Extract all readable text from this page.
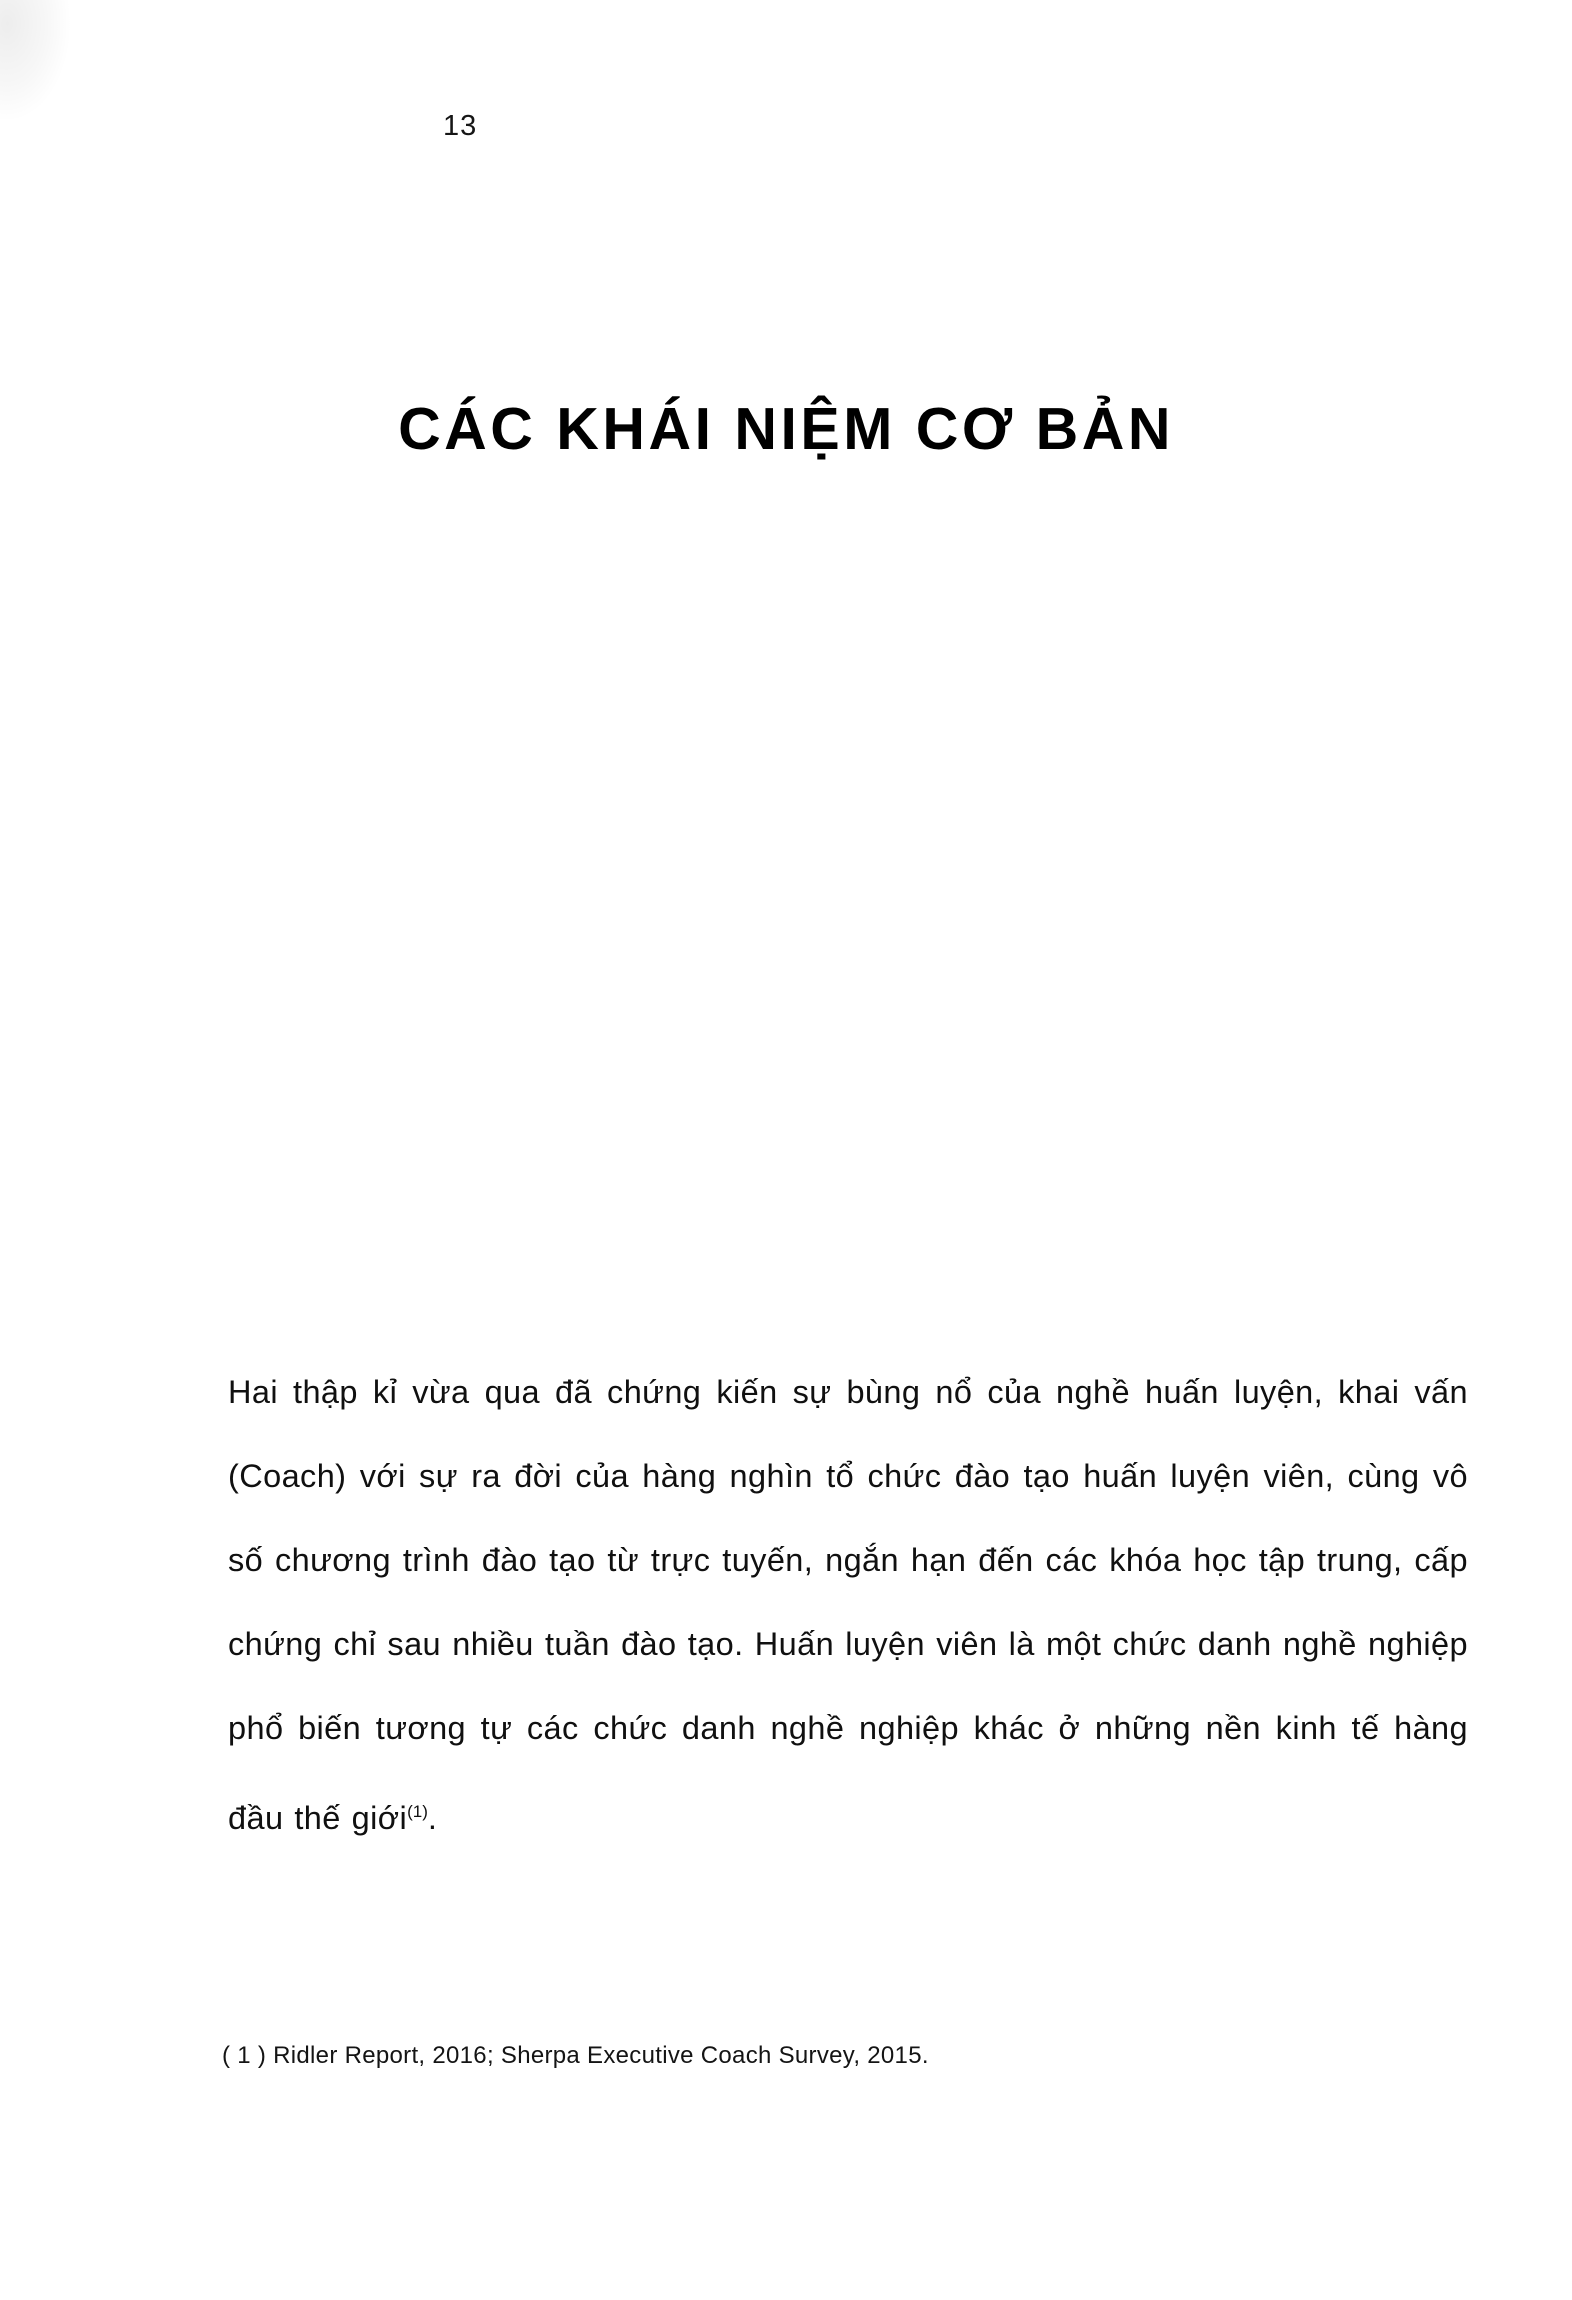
13
CÁC KHÁI NIỆM CƠ BẢN

Hai thập kỉ vừa qua đã chứng kiến sự bùng nổ của nghề huấn luyện, khai vấn (Coach) với sự ra đời của hàng nghìn tổ chức đào tạo huấn luyện viên, cùng vô số chương trình đào tạo từ trực tuyến, ngắn hạn đến các khóa học tập trung, cấp chứng chỉ sau nhiều tuần đào tạo. Huấn luyện viên là một chức danh nghề nghiệp phổ biến tương tự các chức danh nghề nghiệp khác ở những nền kinh tế hàng đầu thế giới$^{(1)}$.

( 1 ) Ridler Report, 2016; Sherpa Executive Coach Survey, 2015.
